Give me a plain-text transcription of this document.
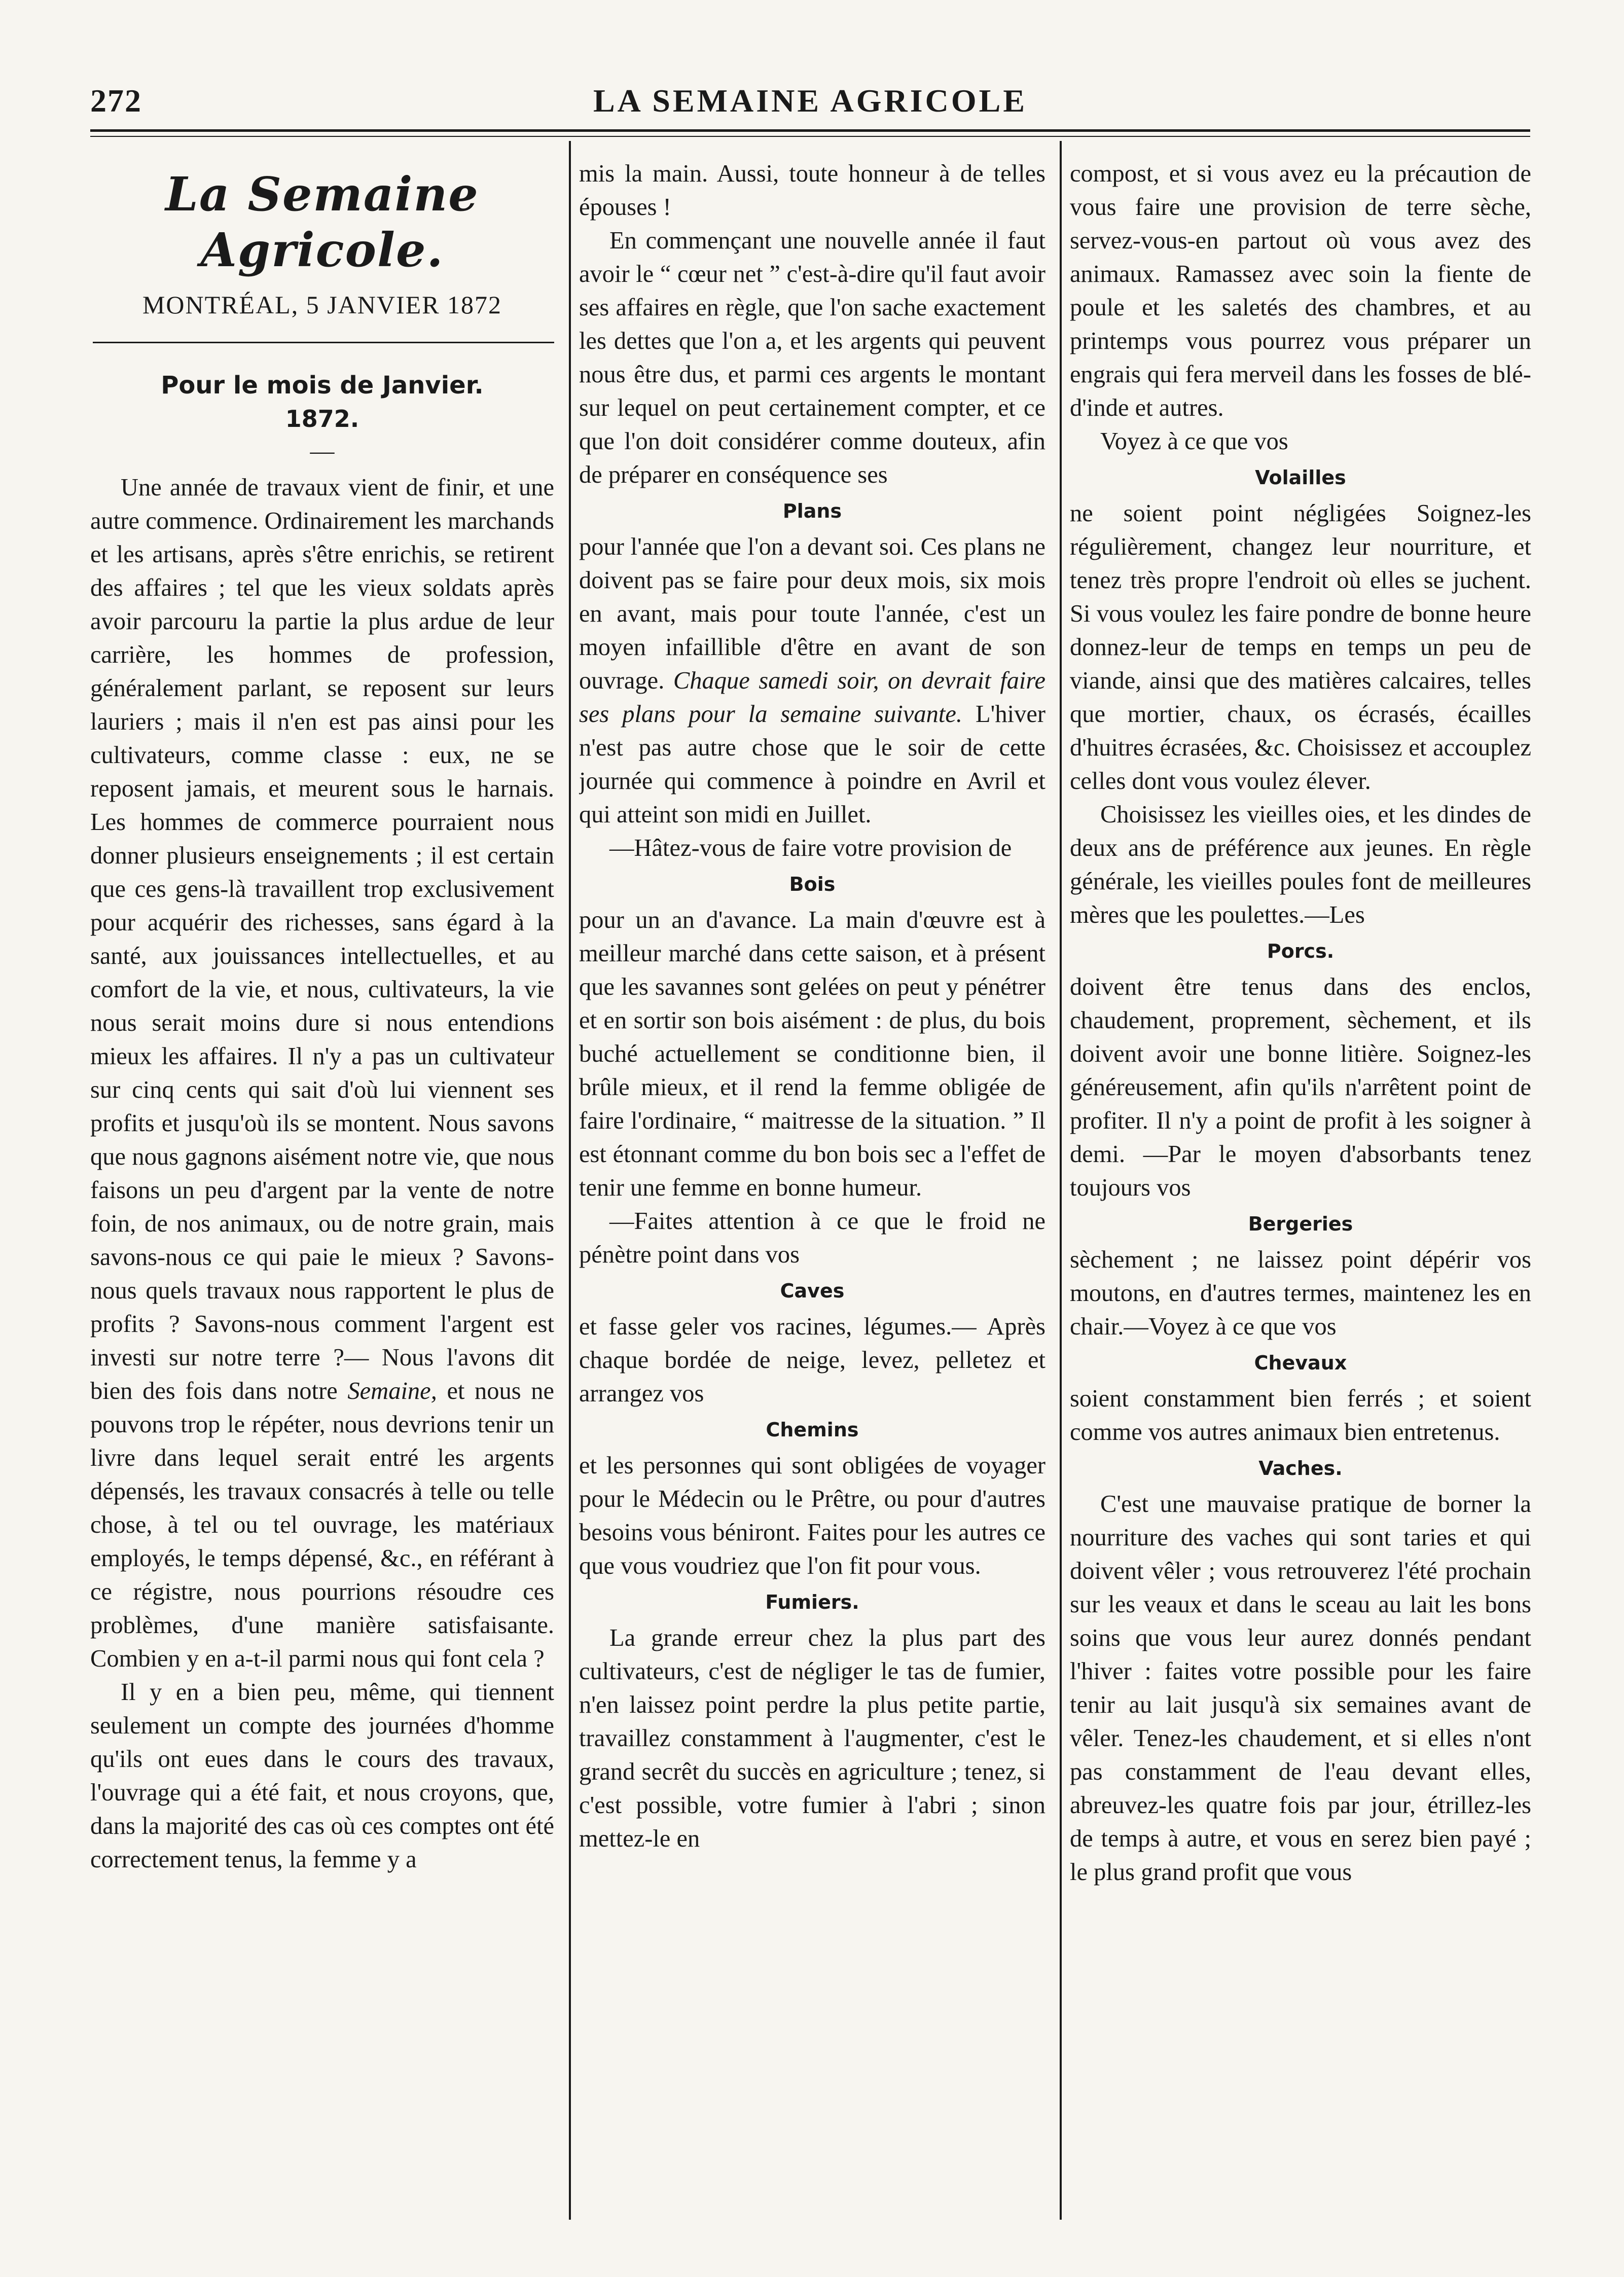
272	LA SEMAINE AGRICOLE
La Semaine Agricole.
MONTRÉAL, 5 JANVIER 1872
Pour le mois de Janvier.
1872.
—

Une année de travaux vient de finir, et une autre commence. Ordinairement les marchands et les artisans, après s'être enrichis, se retirent des affaires ; tel que les vieux soldats après avoir parcouru la partie la plus ardue de leur carrière, les hommes de profession, généralement parlant, se reposent sur leurs lauriers ; mais il n'en est pas ainsi pour les cultivateurs, comme classe : eux, ne se reposent jamais, et meurent sous le harnais. Les hommes de commerce pourraient nous donner plusieurs enseignements ; il est certain que ces gens-là travaillent trop exclusivement pour acquérir des richesses, sans égard à la santé, aux jouissances intellectuelles, et au comfort de la vie, et nous, cultivateurs, la vie nous serait moins dure si nous entendions mieux les affaires. Il n'y a pas un cultivateur sur cinq cents qui sait d'où lui viennent ses profits et jusqu'où ils se montent. Nous savons que nous gagnons aisément notre vie, que nous faisons un peu d'argent par la vente de notre foin, de nos animaux, ou de notre grain, mais savons-nous ce qui paie le mieux ? Savons-nous quels travaux nous rapportent le plus de profits ? Savons-nous comment l'argent est investi sur notre terre ?— Nous l'avons dit bien des fois dans notre Semaine, et nous ne pouvons trop le répéter, nous devrions tenir un livre dans lequel serait entré les argents dépensés, les travaux consacrés à telle ou telle chose, à tel ou tel ouvrage, les matériaux employés, le temps dépensé, &c., en référant à ce régistre, nous pourrions résoudre ces problèmes, d'une manière satisfaisante. Combien y en a-t-il parmi nous qui font cela ?

Il y en a bien peu, même, qui tiennent seulement un compte des journées d'homme qu'ils ont eues dans le cours des travaux, l'ouvrage qui a été fait, et nous croyons, que, dans la majorité des cas où ces comptes ont été correctement tenus, la femme y a

mis la main. Aussi, toute honneur à de telles épouses !

En commençant une nouvelle année il faut avoir le “ cœur net ” c'est-à-dire qu'il faut avoir ses affaires en règle, que l'on sache exactement les dettes que l'on a, et les argents qui peuvent nous être dus, et parmi ces argents le montant sur lequel on peut certainement compter, et ce que l'on doit considérer comme douteux, afin de préparer en conséquence ses

Plans

pour l'année que l'on a devant soi. Ces plans ne doivent pas se faire pour deux mois, six mois en avant, mais pour toute l'année, c'est un moyen infaillible d'être en avant de son ouvrage. Chaque samedi soir, on devrait faire ses plans pour la semaine suivante. L'hiver n'est pas autre chose que le soir de cette journée qui commence à poindre en Avril et qui atteint son midi en Juillet.

—Hâtez-vous de faire votre provision de

Bois

pour un an d'avance. La main d'œuvre est à meilleur marché dans cette saison, et à présent que les savannes sont gelées on peut y pénétrer et en sortir son bois aisément : de plus, du bois buché actuellement se conditionne bien, il brûle mieux, et il rend la femme obligée de faire l'ordinaire, “ maitresse de la situation. ” Il est étonnant comme du bon bois sec a l'effet de tenir une femme en bonne humeur.

—Faites attention à ce que le froid ne pénètre point dans vos

Caves

et fasse geler vos racines, légumes.— Après chaque bordée de neige, levez, pelletez et arrangez vos

Chemins

et les personnes qui sont obligées de voyager pour le Médecin ou le Prêtre, ou pour d'autres besoins vous béniront. Faites pour les autres ce que vous voudriez que l'on fit pour vous.

Fumiers.

La grande erreur chez la plus part des cultivateurs, c'est de négliger le tas de fumier, n'en laissez point perdre la plus petite partie, travaillez constamment à l'augmenter, c'est le grand secrêt du succès en agriculture ; tenez, si c'est possible, votre fumier à l'abri ; sinon mettez-le en

compost, et si vous avez eu la précaution de vous faire une provision de terre sèche, servez-vous-en partout où vous avez des animaux. Ramassez avec soin la fiente de poule et les saletés des chambres, et au printemps vous pourrez vous préparer un engrais qui fera merveil dans les fosses de blé-d'inde et autres.

Voyez à ce que vos

Volailles

ne soient point négligées Soignez-les régulièrement, changez leur nourriture, et tenez très propre l'endroit où elles se juchent. Si vous voulez les faire pondre de bonne heure donnez-leur de temps en temps un peu de viande, ainsi que des matières calcaires, telles que mortier, chaux, os écrasés, écailles d'huitres écrasées, &c. Choisissez et accouplez celles dont vous voulez élever.

Choisissez les vieilles oies, et les dindes de deux ans de préférence aux jeunes. En règle générale, les vieilles poules font de meilleures mères que les poulettes.—Les

Porcs.

doivent être tenus dans des enclos, chaudement, proprement, sèchement, et ils doivent avoir une bonne litière. Soignez-les généreusement, afin qu'ils n'arrêtent point de profiter. Il n'y a point de profit à les soigner à demi. —Par le moyen d'absorbants tenez toujours vos

Bergeries

sèchement ; ne laissez point dépérir vos moutons, en d'autres termes, maintenez les en chair.—Voyez à ce que vos

Chevaux

soient constamment bien ferrés ; et soient comme vos autres animaux bien entretenus.

Vaches.

C'est une mauvaise pratique de borner la nourriture des vaches qui sont taries et qui doivent vêler ; vous retrouverez l'été prochain sur les veaux et dans le sceau au lait les bons soins que vous leur aurez donnés pendant l'hiver : faites votre possible pour les faire tenir au lait jusqu'à six semaines avant de vêler. Tenez-les chaudement, et si elles n'ont pas constamment de l'eau devant elles, abreuvez-les quatre fois par jour, étrillez-les de temps à autre, et vous en serez bien payé ; le plus grand profit que vous
